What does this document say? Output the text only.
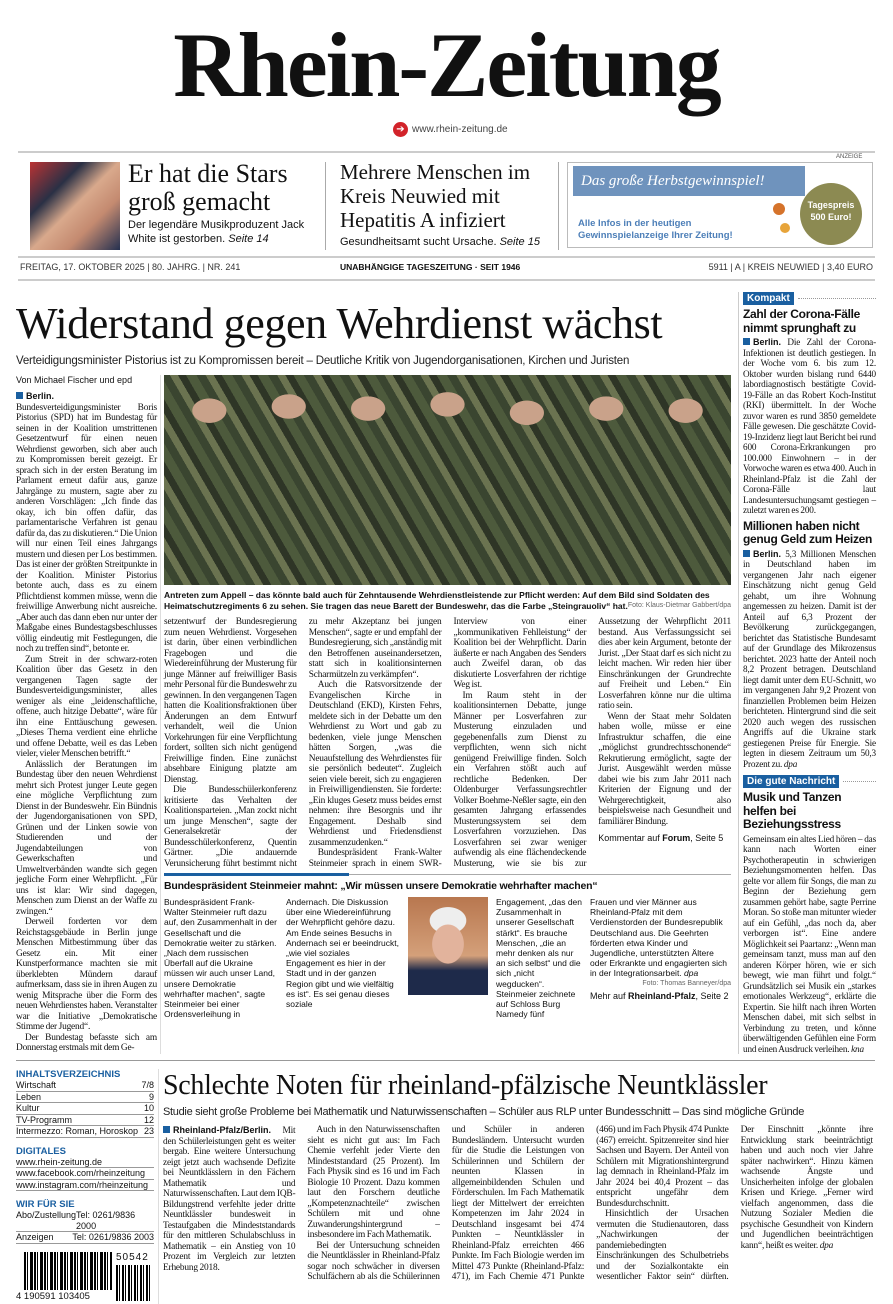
Rhein-Zeitung
➔ www.rhein-zeitung.de
Er hat die Stars groß gemacht
Der legendäre Musikproduzent Jack White ist gestorben. Seite 14
Mehrere Menschen im Kreis Neuwied mit Hepatitis A infiziert
Gesundheitsamt sucht Ursache. Seite 15
ANZEIGE
Das große Herbstgewinnspiel!
Alle Infos in der heutigen Gewinnspielanzeige Ihrer Zeitung!
Tagespreis 500 Euro!
FREITAG, 17. OKTOBER 2025 | 80. JAHRG. | NR. 241	UNABHÄNGIGE TAGESZEITUNG · SEIT 1946	5911 | A | KREIS NEUWIED | 3,40 EURO
Widerstand gegen Wehrdienst wächst
Verteidigungsminister Pistorius ist zu Kompromissen bereit – Deutliche Kritik von Jugendorganisationen, Kirchen und Juristen
Von Michael Fischer und epd

Berlin. Bundesverteidigungsminister Boris Pistorius (SPD) hat im Bundestag für seinen in der Koalition umstrittenen Gesetzentwurf für einen neuen Wehrdienst geworben, sich aber auch zu Kompromissen bereit gezeigt. Er sprach sich in der ersten Beratung im Parlament erneut dafür aus, ganze Jahrgänge zu mustern, sagte aber zu anderen Vorschlägen: „Ich finde das okay, ich bin offen dafür, das parlamentarische Verfahren ist genau dafür da, das zu diskutieren.“ Die Union will nur einen Teil eines Jahrgangs mustern und diesen per Los bestimmen. Das ist einer der größten Streitpunkte in der Koalition. Minister Pistorius betonte auch, dass es zu einem Pflichtdienst kommen müsse, wenn die freiwillige Anwerbung nicht ausreiche. „Aber auch das dann eben nur unter der Maßgabe eines Bundestagsbeschlusses völlig eindeutig mit Festlegungen, die noch zu treffen sind“, betonte er.

Zum Streit in der schwarz-roten Koalition über das Gesetz in den vergangenen Tagen sagte der Bundesverteidigungsminister, alles weniger als eine „leidenschaftliche, offene, auch hitzige Debatte“, wäre für ihn eine Enttäuschung gewesen. „Dieses Thema verdient eine ehrliche und offene Debatte, weil es das Leben vieler, vieler Menschen betrifft.“

Anlässlich der Beratungen im Bundestag über den neuen Wehrdienst mehrt sich Protest junger Leute gegen eine mögliche Verpflichtung zum Dienst in der Bundeswehr. Ein Bündnis der Jugendorganisationen von SPD, Grünen und der Linken sowie von Studierenden und der Jugendabteilungen von Gewerkschaften und Umweltverbänden wandte sich gegen jegliche Form einer Wehrpflicht. „Für uns ist klar: Wir sind dagegen, Menschen zum Dienst an der Waffe zu zwingen.“

Derweil forderten vor dem Reichstagsgebäude in Berlin junge Menschen Mitbestimmung über das Gesetz ein. Mit einer Kunstperformance machten sie mit überklebten Mündern darauf aufmerksam, dass sie in ihren Augen zu wenig Mitsprache über die Form des neuen Wehrdienstes haben. Veranstalter war die Initiative „Demokratische Stimme der Jugend“.

Der Bundestag befasste sich am Donnerstag erstmals mit dem Ge-

Antreten zum Appell – das könnte bald auch für Zehntausende Wehrdienstleistende zur Pflicht werden: Auf dem Bild sind Soldaten des Heimatschutzregiments 6 zu sehen. Sie tragen das neue Barett der Bundeswehr, das die Farbe „Steingrauoliv“ hat. Foto: Klaus-Dietmar Gabbert/dpa

setzentwurf der Bundesregierung zum neuen Wehrdienst. Vorgesehen ist darin, über einen verbindlichen Fragebogen und die Wiedereinführung der Musterung für junge Männer auf freiwilliger Basis mehr Personal für die Bundeswehr zu gewinnen. In den vergangenen Tagen hatten die Koalitionsfraktionen über Änderungen an dem Entwurf verhandelt, weil die Union Vorkehrungen für eine Verpflichtung fordert, sollten sich nicht genügend Freiwillige finden. Eine zunächst absehbare Einigung platzte am Dienstag.

Die Bundesschülerkonferenz kritisierte das Verhalten der Koalitionsparteien. „Man zockt nicht um junge Menschen“, sagte der Generalsekretär der Bundesschülerkonferenz, Quentin Gärtner. „Die andauernde Verunsicherung führt bestimmt nicht zu mehr Akzeptanz bei jungen Menschen“, sagte er und empfahl der Bundesregierung, sich „anständig mit den Betroffenen auseinandersetzen, statt sich in koalitionsinternen Scharmützeln zu verkämpfen“.

Auch die Ratsvorsitzende der Evangelischen Kirche in Deutschland (EKD), Kirsten Fehrs, meldete sich in der Debatte um den Wehrdienst zu Wort und gab zu bedenken, viele junge Menschen hätten Sorgen, „was die Neuaufstellung des Wehrdienstes für sie persönlich bedeutet“. Zugleich seien viele bereit, sich zu engagieren in Freiwilligendiensten. Sie forderte: „Ein kluges Gesetz muss beides ernst nehmen: ihre Besorgnis und ihr Engagement. Deshalb sind Wehrdienst und Friedensdienst zusammenzudenken.“

Bundespräsident Frank-Walter Steinmeier sprach in einem SWR-Interview von einer „kommunikativen Fehlleistung“ der Koalition bei der Wehrpflicht. Darin äußerte er nach Angaben des Senders auch Zweifel daran, ob das diskutierte Losverfahren der richtige Weg ist.

Im Raum steht in der koalitionsinternen Debatte, junge Männer per Losverfahren zur Musterung einzuladen und gegebenenfalls zum Dienst zu verpflichten, wenn sich nicht genügend Freiwillige finden. Solch ein Verfahren stößt auch auf rechtliche Bedenken. Der Oldenburger Verfassungsrechtler Volker Boehme-Neßler sagte, ein den gesamten Jahrgang erfassendes Musterungssystem sei dem Losverfahren vorzuziehen. Das Losverfahren sei zwar weniger aufwendig als eine flächendeckende Musterung, wie sie bis zur Aussetzung der Wehrpflicht 2011 bestand. Aus Verfassungssicht sei dies aber kein Argument, betonte der Jurist. „Der Staat darf es sich nicht zu leicht machen. Wir reden hier über Einschränkungen der Grundrechte auf Freiheit und Leben.“ Ein Losverfahren könne nur die ultima ratio sein.

Wenn der Staat mehr Soldaten haben wolle, müsse er eine Infrastruktur schaffen, die eine „möglichst grundrechtsschonende“ Rekrutierung ermöglicht, sagte der Jurist. Ausgewählt werden müsse dabei wie bis zum Jahr 2011 nach Kriterien der Eignung und der Wehrgerechtigkeit, also beispielsweise nach Gesundheit und familiärer Bindung.

Kommentar auf Forum, Seite 5

Bundespräsident Steinmeier mahnt: „Wir müssen unsere Demokratie wehrhafter machen“
Bundespräsident Frank-Walter Steinmeier ruft dazu auf, den Zusammenhalt in der Gesellschaft und die Demokratie weiter zu stärken. „Nach dem russischen Überfall auf die Ukraine müssen wir auch unser Land, unsere Demokratie wehrhafter machen“, sagte Steinmeier bei einer Ordensverleihung in Andernach. Die Diskussion über eine Wiedereinführung der Wehrpflicht gehöre dazu. Am Ende seines Besuchs in Andernach sei er beeindruckt, „wie viel soziales Engagement es hier in der Stadt und in der ganzen Region gibt und wie vielfältig es ist“. Es sei genau dieses soziale
Engagement, „das den Zusammenhalt in unserer Gesellschaft stärkt“. Es brauche Menschen, „die an mehr denken als nur an sich selbst“ und die sich „nicht wegducken“. Steinmeier zeichnete auf Schloss Burg Namedy fünf
Frauen und vier Männer aus Rheinland-Pfalz mit dem Verdienstorden der Bundesrepublik Deutschland aus. Die Geehrten förderten etwa Kinder und Jugendliche, unterstützten Ältere oder Erkrankte und engagierten sich in der Integrationsarbeit. dpa
Foto: Thomas Banneyer/dpa
Mehr auf Rheinland-Pfalz, Seite 2
Kompakt
Zahl der Corona-Fälle nimmt sprunghaft zu
Berlin. Die Zahl der Corona-Infektionen ist deutlich gestiegen. In der Woche vom 6. bis zum 12. Oktober wurden bislang rund 6440 labordiagnostisch bestätigte Covid-19-Fälle an das Robert Koch-Institut (RKI) übermittelt. In der Woche zuvor waren es rund 3850 gemeldete Fälle gewesen. Die geschätzte Covid-19-Inzidenz liegt laut Bericht bei rund 600 Corona-Erkrankungen pro 100.000 Einwohnern – in der Vorwoche waren es etwa 400. Auch in Rheinland-Pfalz ist die Zahl der Corona-Fälle laut Landesuntersuchungsamt gestiegen – zuletzt waren es 200.
Millionen haben nicht genug Geld zum Heizen
Berlin. 5,3 Millionen Menschen in Deutschland haben im vergangenen Jahr nach eigener Einschätzung nicht genug Geld gehabt, um ihre Wohnung angemessen zu heizen. Damit ist der Anteil auf 6,3 Prozent der Bevölkerung zurückgegangen, berichtet das Statistische Bundesamt auf der Grundlage des Mikrozensus berichtet. 2023 hatte der Anteil noch 8,2 Prozent betragen. Deutschland liegt damit unter dem EU-Schnitt, wo im vergangenen Jahr 9,2 Prozent von finanziellen Problemen beim Heizen berichteten. Hintergrund sind die seit 2020 auch wegen des russischen Angriffs auf die Ukraine stark gestiegenen Preise für Energie. Sie legten in diesem Zeitraum um 50,3 Prozent zu. dpa
Die gute Nachricht
Musik und Tanzen helfen bei Beziehungsstress
Gemeinsam ein altes Lied hören – das kann nach Worten einer Psychotherapeutin in schwierigen Beziehungsmomenten helfen. Das gelte vor allem für Songs, die man zu Beginn der Beziehung gern zusammen gehört habe, sagte Perrine Moran. So stoße man mitunter wieder auf ein Gefühl, „das noch da, aber verborgen ist“. Eine andere Möglichkeit sei Paartanz: „Wenn man gemeinsam tanzt, muss man auf den anderen Körper hören, wie er sich bewegt, wie man führt und folgt.“ Grundsätzlich sei Musik ein „starkes emotionales Werkzeug“, erklärte die Expertin. Sie hilft nach ihren Worten Menschen dabei, mit sich selbst in Verbindung zu treten, und könne überwältigenden Gefühlen eine Form und einen Ausdruck verleihen. kna
INHALTSVERZEICHNIS
Wirtschaft	7/8
Leben	9
Kultur	10
TV-Programm	12
Intermezzo: Roman, Horoskop 23
DIGITALES
www.rhein-zeitung.de
www.facebook.com/rheinzeitung
www.instagram.com/rheinzeitung
WIR FÜR SIE
Abo/Zustellung Tel: 0261/9836 2000
Anzeigen Tel: 0261/9836 2003
4 190591 103405
50542
Schlechte Noten für rheinland-pfälzische Neuntklässler
Studie sieht große Probleme bei Mathematik und Naturwissenschaften – Schüler aus RLP unter Bundesschnitt – Das sind mögliche Gründe

Rheinland-Pfalz/Berlin. Mit den Schülerleistungen geht es weiter bergab. Eine weitere Untersuchung zeigt jetzt auch wachsende Defizite bei Neuntklässlern in den Fächern Mathematik und Naturwissenschaften. Laut dem IQB-Bildungstrend verfehlte jeder dritte Neuntklässler bundesweit in Testaufgaben die Mindeststandards für den mittleren Schulabschluss in Mathematik – ein Anstieg von 10 Prozent im Vergleich zur letzten Erhebung 2018.

Auch in den Naturwissenschaften sieht es nicht gut aus: Im Fach Chemie verfehlt jeder Vierte den Mindeststandard (25 Prozent). Im Fach Physik sind es 16 und im Fach Biologie 10 Prozent. Dazu kommen laut den Forschern deutliche „Kompetenznachteile“ zwischen Schülern mit und ohne Zuwanderungshintergrund – insbesondere im Fach Mathematik.

Bei der Untersuchung schneiden die Neuntklässler in Rheinland-Pfalz sogar noch schwächer in diversen Schulfächern ab als die Schülerinnen und Schüler in anderen Bundesländern. Untersucht wurden für die Studie die Leistungen von Schülerinnen und Schülern der neunten Klassen in allgemeinbildenden Schulen und Förderschulen. Im Fach Mathematik liegt der Mittelwert der erreichten Kompetenzen im Jahr 2024 in Deutschland insgesamt bei 474 Punkten – Neuntklässler in Rheinland-Pfalz erreichten 466 Punkte. Im Fach Biologie werden im Mittel 473 Punkte (Rheinland-Pfalz: 471), im Fach Chemie 471 Punkte (466) und im Fach Physik 474 Punkte (467) erreicht. Spitzenreiter sind hier Sachsen und Bayern. Der Anteil von Schülern mit Migrationshintergrund lag demnach in Rheinland-Pfalz im Jahr 2024 bei 40,4 Prozent – das entspricht ungefähr dem Bundesdurchschnitt.

Hinsichtlich der Ursachen vermuten die Studienautoren, dass „Nachwirkungen der pandemiebedingten Einschränkungen des Schulbetriebs und der Sozialkontakte ein wesentlicher Faktor sein“ dürften. Der Einschnitt „könnte ihre Entwicklung stark beeinträchtigt haben und auch noch vier Jahre später nachwirken“. Hinzu kämen wachsende Ängste und Unsicherheiten infolge der globalen Krisen und Kriege. „Ferner wird vielfach angenommen, dass die Nutzung Sozialer Medien die psychische Gesundheit von Kindern und Jugendlichen beeinträchtigen kann“, heißt es weiter. dpa
